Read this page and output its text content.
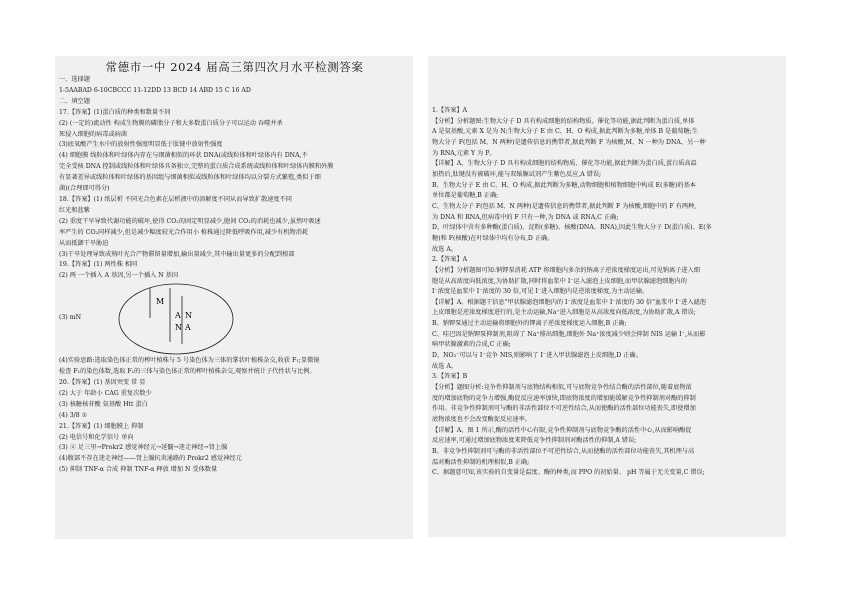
常德市一中 2024 届高三第四次月水平检测答案
一、选择题
1-5AABAD 6-10CBCCC 11-12DD 13 BCD 14 ABD 15 C 16 AD
二、填空题
17.【答案】(1)蛋白质的种类和数量不同
(2) (一定的)流动性 构成生物膜的磷脂分子和大多数蛋白质分子可以运动 吞噬并杀
死侵入细胞的病毒或病菌
(3)底氧酸产生水中的放射性强度明显低于肽键中放射性强度
(4) 细胞膜 线粒体和叶绿体内存在与细菌相似的环状 DNA(或线粒体和叶绿体内有 DNA,不
完全受核 DNA 控制或线粒体和叶绿体具备独立,完整的蛋白质合成系统或线粒体和叶绿体内膜和外膜
有显著差异或线粒体和叶绿体的基因组与细菌相似或线粒体和叶绿体均以分裂方式繁殖,类似于细
菌)(合理即可得分)
18.【答案】(1) 纸层析 不同光合色素在层析液中的溶解度不同从而导致扩散速度不同
红光和蓝紫
(2) 重度干旱导致代谢功能的破坏,使得 CO₂的固定明显减少,胞间 CO₂的消耗也减少,虽然叶吸速
率严生的 CO₂同样减少,但是减少幅度较光合作用小 植株通过降低呼吸作用,减少有机物消耗
从而抵御干旱胁迫
(3)干旱处理导致成熟叶光合产物滞留量增加,输出量减少,其中输出量更多的分配到根部
19.【答案】(1) 两性株 相同
(2) 两 一个插入 A 基因,另一个插入 N 基因
(3) mN
M
A
N
N
A
(4)实验思路:选取染色体正常的榨叶植株与 5 号染色体为三体的掌状叶植株杂交,收获 F₁;显微镜
检查 F₁的染色体数,选取 F₁的三体与染色体正常的榨叶植株杂交,观察并统计子代性状与比例。
20.【答案】(1) 基因突变 常 显
(2) 大于 年龄小 CAG 重复次数少
(3) 核糖核苷酸 氨基酸 Htt 蛋白
(4) 3/8 ①
21.【答案】(1) 细胞膜上 抑制
(2) 电信号和化学信号 单向
(3) ② 足三里→Prokr2 感觉神经元→延髓→迷走神经→肾上腺
(4)腹部不存在迷走神经——肾上腺抗炎通路的 Prokr2 感觉神经元
(5) 抑制 TNF-α 合成 抑制 TNF-α 释放 增加 N 受体数量
1.【答案】A
【分析】分析题图:生物大分子 D 具有构成细胞的结构物质、催化等功能,据此判断为蛋白质,单体
A 是氨基酸,元素 X 是为 N;生物大分子 E 由 C、H、O 构成,据此判断为多糖,单体 B 是葡萄糖;生
物大分子 F(包括 M、N 两种)是遗传信息的携带者,据此判断 F 为核酸,M、N 一种为 DNA、另一种
为 RNA,元素 Y 为 P。
【详解】A、生物大分子 D 具有构成细胞的结构物质、催化等功能,据此判断为蛋白质,蛋白质高温
加热后,肽键没有被破坏,能与双缩脲试剂产生紫色反应,A 错误;
B、生物大分子 E 由 C、H、O 构成,据此判断为多糖,动物细胞和植物细胞中构成 E(多糖)的基本
单位都是葡萄糖,B 正确;
C、生物大分子 F(包括 M、N 两种)是遗传信息的携带者,据此判断 F 为核酸,细胞中的 F 有两种,
为 DNA 和 RNA,但病毒中的 F 只有一种,为 DNA 或 RNA,C 正确;
D、叶绿体中含有多种酶(蛋白质)、淀粉(多糖)、核酸(DNA、RNA),因此生物大分子 D(蛋白质)、E(多
糖)和 F(核酸)在叶绿体中均有分布,D 正确。
故选 A。
2.【答案】A
【分析】分析题图可知:钠钾泵消耗 ATP 将细胞内多余的钠离子逆浓度梯度运出,可见钠离子进入细
胞是从高浓度向低浓度,为协助扩散,同时将血浆中 I⁻运入滤泡上皮细胞,而甲状腺滤泡细胞内的
I⁻浓度是血浆中 I⁻浓度的 30 倍,可见 I⁻进入细胞内是逆浓度梯度,为主动运输。
【详解】A、根据题干信息"甲状腺滤泡细胞内的 I⁻浓度是血浆中 I⁻浓度的 30 倍"血浆中 I⁻进入滤泡
上皮细胞是逆浓度梯度进行的,是主动运输,Na⁺进入细胞是从高浓度向低浓度,为协助扩散,A 错误;
B、钠钾泵通过主动运输将细胞外的钾离子逆浓度梯度运入细胞,B 正确;
C、哇巴因是钠钾泵抑制剂,阻碍了 Na⁺排出细胞,细胞外 Na⁺浓度减少则会抑制 NIS 运输 I⁻,从而影
响甲状腺激素的合成,C 正确;
D、NO₃⁻可以与 I⁻竞争 NIS,则影响了 I⁻进入甲状腺滤泡上皮细胞,D 正确。
故选 A。
3.【答案】B
【分析】题图分析:竞争性抑制剂与底物结构相似,可与底物竞争性结合酶的活性部位,随着底物浓
度的增加底物的竞争力增强,酶促反应速率加快,即底物浓度的增加能缓解竞争性抑制剂对酶的抑制
作用。非竞争性抑制剂可与酶的非活性部位不可逆性结合,从而使酶的活性部位功能丧失,即使增加
底物浓度也不会改变酶促反应速率。
【详解】A、图 1 所示,酶的活性中心有限,竞争性抑制剂与底物竞争酶的活性中心,从而影响酶促
反应速率,可通过增加底物浓度来降低竞争性抑制剂对酶活性的抑制,A 错误;
B、非竞争性抑制剂可与酶的非活性部位不可逆性结合,从而使酶的活性部位功能丧失,其机理与高
温对酶活性抑制的机理相似,B 正确;
C、据题意可知,该实验的自变量是温度、酶的种类,而 PPO 的初始量、 pH 等属于无关变量,C 错误;
